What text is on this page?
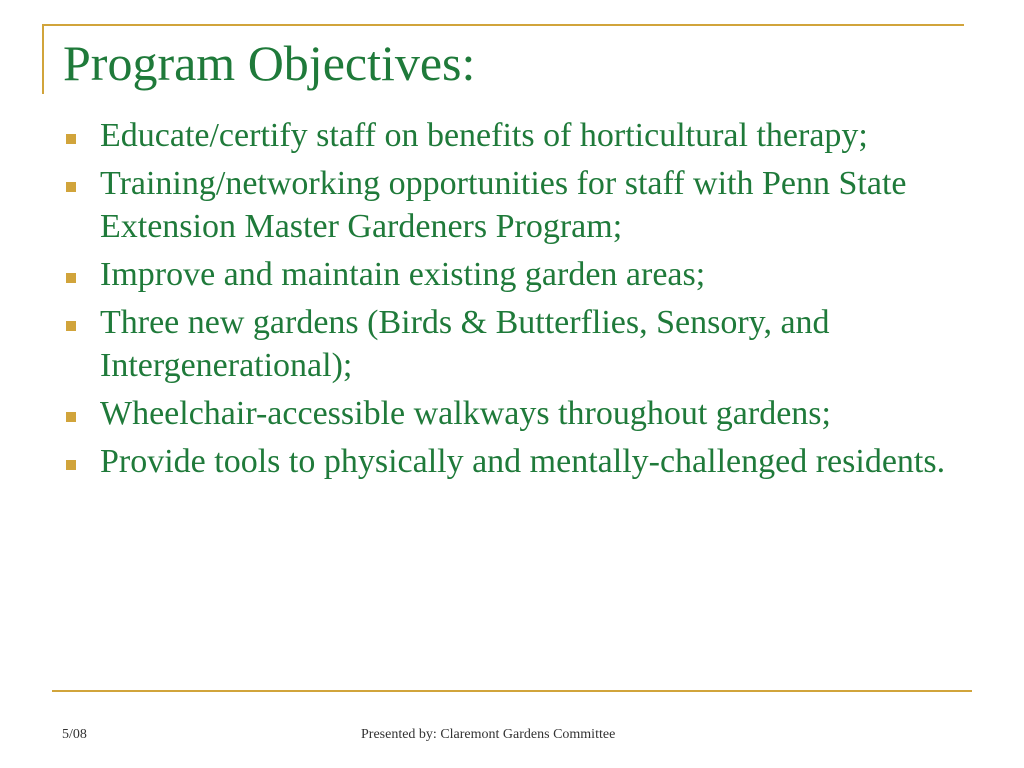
Program Objectives:
Educate/certify staff on benefits of horticultural therapy;
Training/networking opportunities for staff with Penn State Extension Master Gardeners Program;
Improve and maintain existing garden areas;
Three new gardens (Birds & Butterflies, Sensory, and Intergenerational);
Wheelchair-accessible walkways throughout gardens;
Provide tools to physically and mentally-challenged residents.
5/08	Presented by: Claremont Gardens Committee
